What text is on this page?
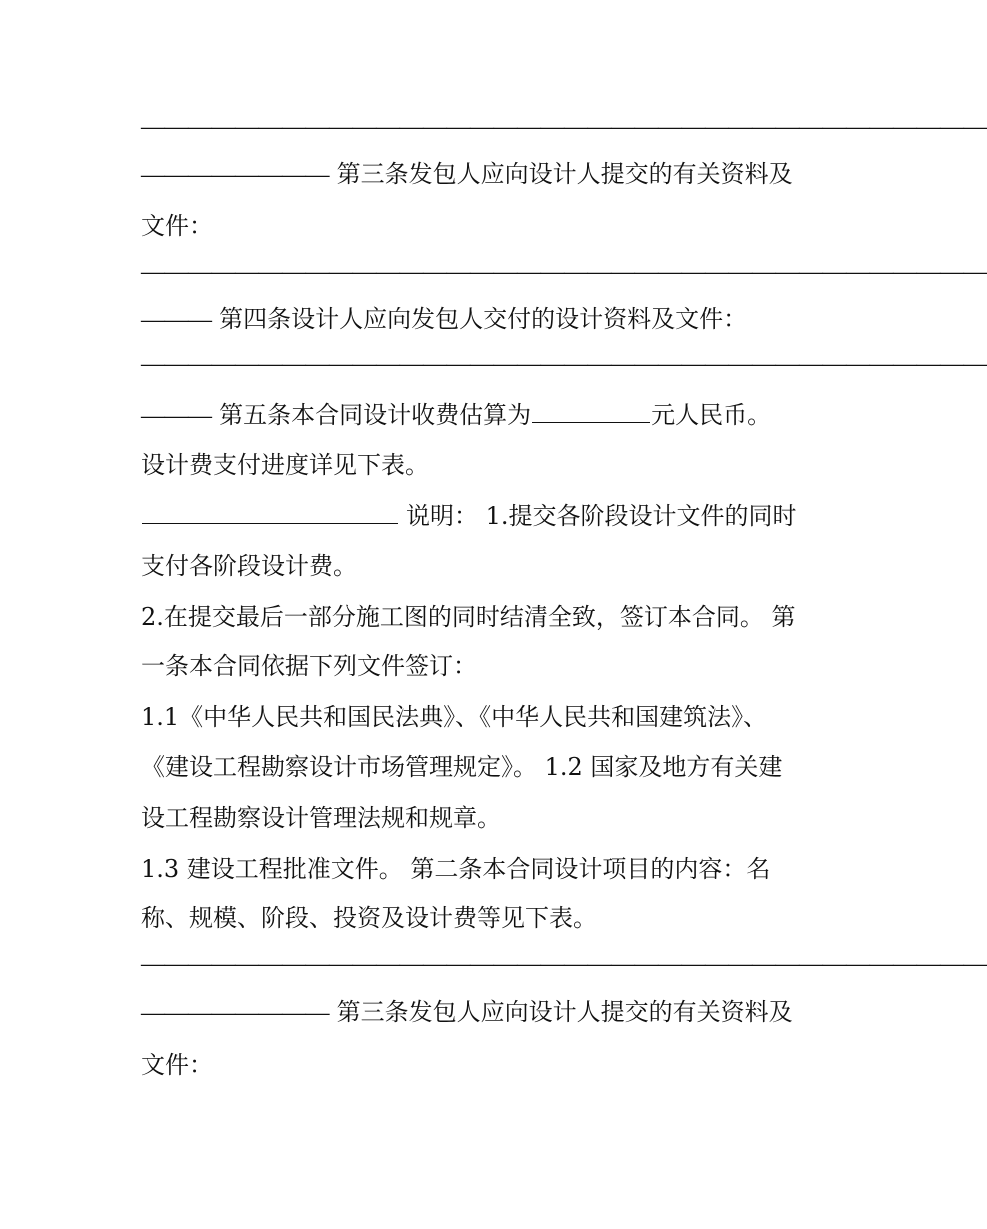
————————————————————————————————————
———————— 第三条发包人应向设计人提交的有关资料及
文件：
————————————————————————————————————
——— 第四条设计人应向发包人交付的设计资料及文件：
————————————————————————————————————
——— 第五条本合同设计收费估算为	元人民币。
设计费支付进度详见下表。
说明： 1.提交各阶段设计文件的同时
支付各阶段设计费。
2.在提交最后一部分施工图的同时结清全致，签订本合同。 第
一条本合同依据下列文件签订：
1.1《中华人民共和国民法典》、《中华人民共和国建筑法》、
《建设工程勘察设计市场管理规定》。 1.2 国家及地方有关建
设工程勘察设计管理法规和规章。
1.3 建设工程批准文件。 第二条本合同设计项目的内容：名
称、规模、阶段、投资及设计费等见下表。
————————————————————————————————————
———————— 第三条发包人应向设计人提交的有关资料及
文件：
